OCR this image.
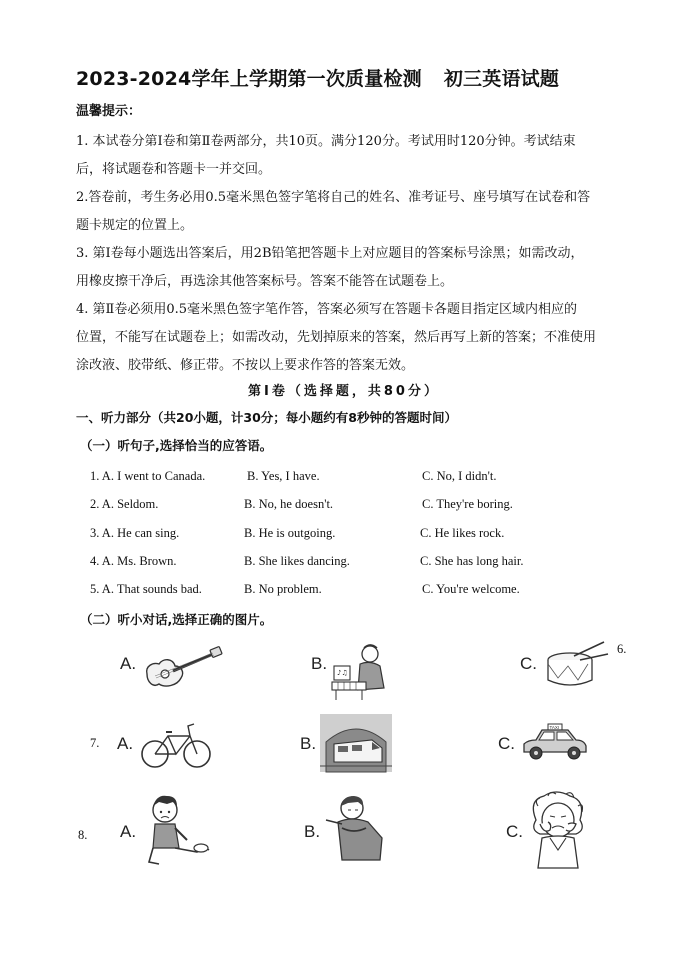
2023-2024学年上学期第一次质量检测 初三英语试题
温馨提示：
1. 本试卷分第Ⅰ卷和第Ⅱ卷两部分，共10页。满分120分。考试用时120分钟。考试结束
后，将试题卷和答题卡一并交回。
2.答卷前，考生务必用0.5毫米黑色签字笔将自己的姓名、准考证号、座号填写在试卷和答
题卡规定的位置上。
3. 第Ⅰ卷每小题选出答案后，用2B铅笔把答题卡上对应题目的答案标号涂黑；如需改动，
用橡皮擦干净后，再选涂其他答案标号。答案不能答在试题卷上。
4. 第Ⅱ卷必须用0.5毫米黑色签字笔作答，答案必须写在答题卡各题目指定区域内相应的
位置，不能写在试题卷上；如需改动，先划掉原来的答案，然后再写上新的答案；不准使用
涂改液、胶带纸、修正带。不按以上要求作答的答案无效。
第Ⅰ卷（选择题，共80分）
一、听力部分（共20小题，计30分；每小题约有8秒钟的答题时间）
（一）听句子,选择恰当的应答语。
1. A. I went to Canada.	B. Yes, I have.	C. No, I didn't.
2. A. Seldom.	B. No, he doesn't.	C. They're boring.
3. A. He can sing.	B. He is outgoing.	C. He likes rock.
4. A. Ms. Brown.	B. She likes dancing.	C. She has long hair.
5. A. That sounds bad.	B. No problem.	C. You're welcome.
（二）听小对话,选择正确的图片。
A.	B. ♪♫	C.
6.
7. A.	B.	C.
TAXI
8. A.	B.	C.
